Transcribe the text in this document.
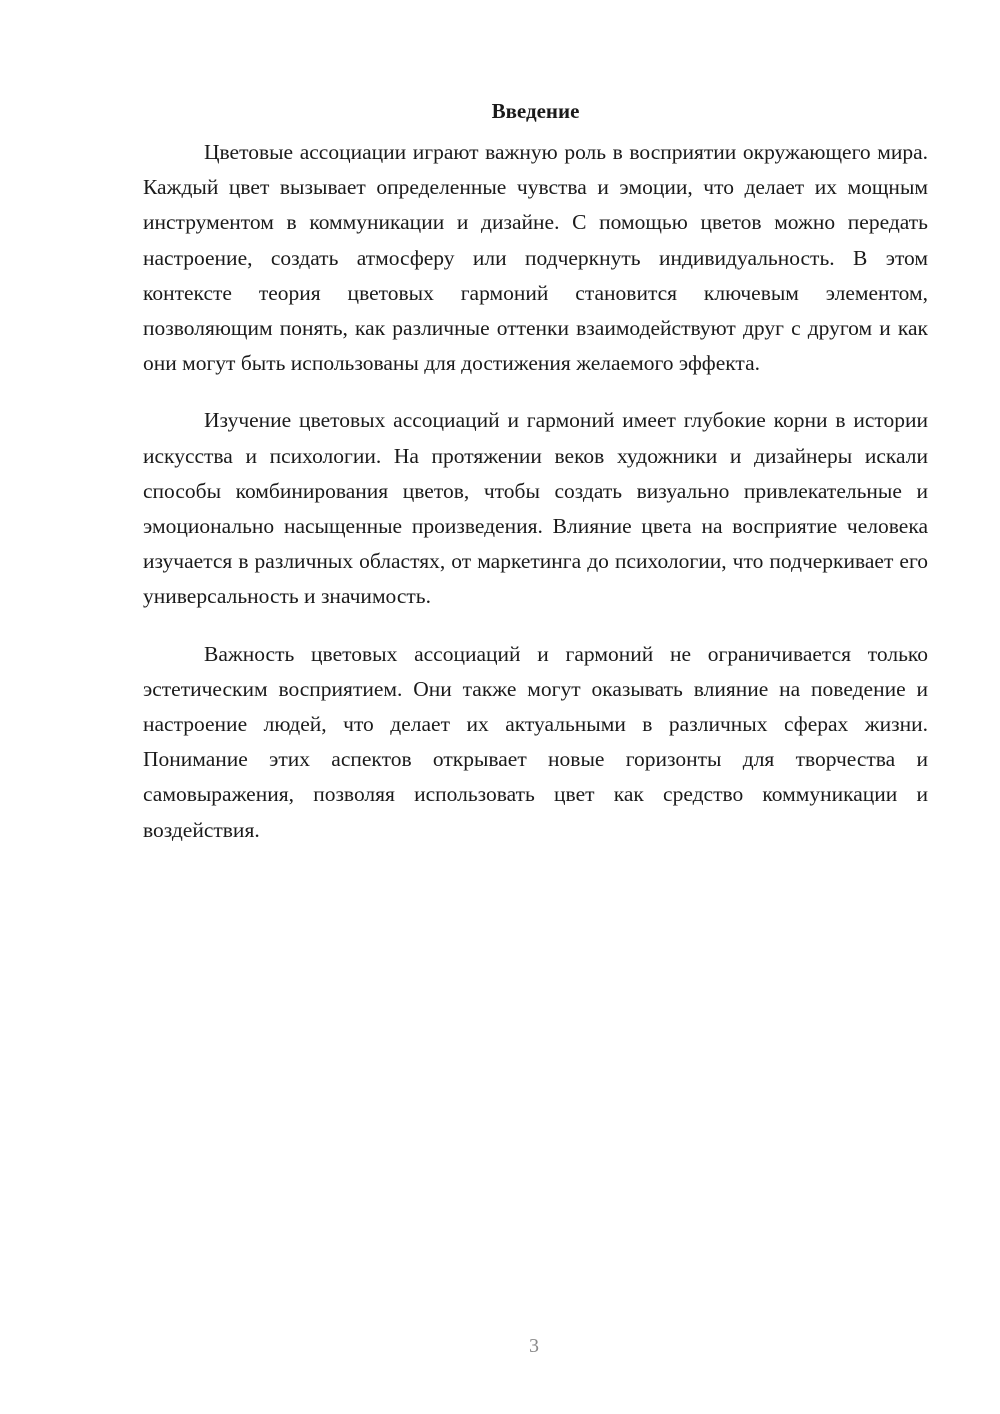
Введение

Цветовые ассоциации играют важную роль в восприятии окружающего мира. Каждый цвет вызывает определенные чувства и эмоции, что делает их мощным инструментом в коммуникации и дизайне. С помощью цветов можно передать настроение, создать атмосферу или подчеркнуть индивидуальность. В этом контексте теория цветовых гармоний становится ключевым элементом, позволяющим понять, как различные оттенки взаимодействуют друг с другом и как они могут быть использованы для достижения желаемого эффекта.

Изучение цветовых ассоциаций и гармоний имеет глубокие корни в истории искусства и психологии. На протяжении веков художники и дизайнеры искали способы комбинирования цветов, чтобы создать визуально привлекательные и эмоционально насыщенные произведения. Влияние цвета на восприятие человека изучается в различных областях, от маркетинга до психологии, что подчеркивает его универсальность и значимость.

Важность цветовых ассоциаций и гармоний не ограничивается только эстетическим восприятием. Они также могут оказывать влияние на поведение и настроение людей, что делает их актуальными в различных сферах жизни. Понимание этих аспектов открывает новые горизонты для творчества и самовыражения, позволяя использовать цвет как средство коммуникации и воздействия.

3
